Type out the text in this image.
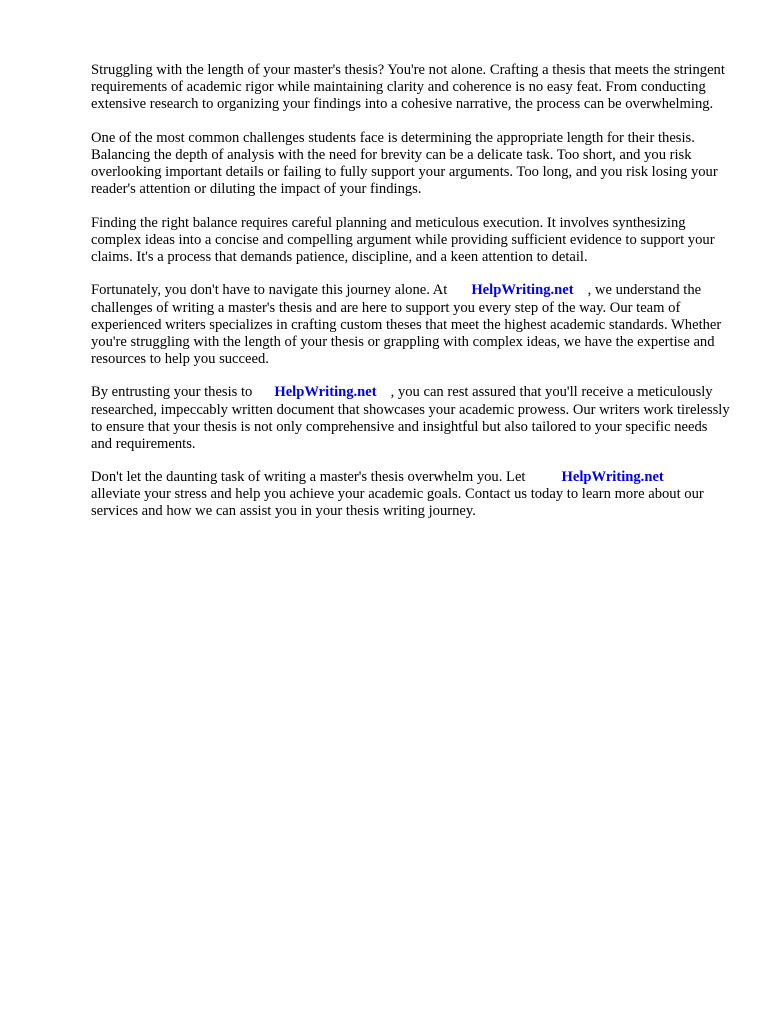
Struggling with the length of your master's thesis? You're not alone. Crafting a thesis that meets the stringent requirements of academic rigor while maintaining clarity and coherence is no easy feat. From conducting extensive research to organizing your findings into a cohesive narrative, the process can be overwhelming.

One of the most common challenges students face is determining the appropriate length for their thesis. Balancing the depth of analysis with the need for brevity can be a delicate task. Too short, and you risk overlooking important details or failing to fully support your arguments. Too long, and you risk losing your reader's attention or diluting the impact of your findings.

Finding the right balance requires careful planning and meticulous execution. It involves synthesizing complex ideas into a concise and compelling argument while providing sufficient evidence to support your claims. It's a process that demands patience, discipline, and a keen attention to detail.

Fortunately, you don't have to navigate this journey alone. At HelpWriting.net , we understand the challenges of writing a master's thesis and are here to support you every step of the way. Our team of experienced writers specializes in crafting custom theses that meet the highest academic standards. Whether you're struggling with the length of your thesis or grappling with complex ideas, we have the expertise and resources to help you succeed.

By entrusting your thesis to HelpWriting.net , you can rest assured that you'll receive a meticulously researched, impeccably written document that showcases your academic prowess. Our writers work tirelessly to ensure that your thesis is not only comprehensive and insightful but also tailored to your specific needs and requirements.

Don't let the daunting task of writing a master's thesis overwhelm you. Let HelpWriting.net
alleviate your stress and help you achieve your academic goals. Contact us today to learn more about our services and how we can assist you in your thesis writing journey.
